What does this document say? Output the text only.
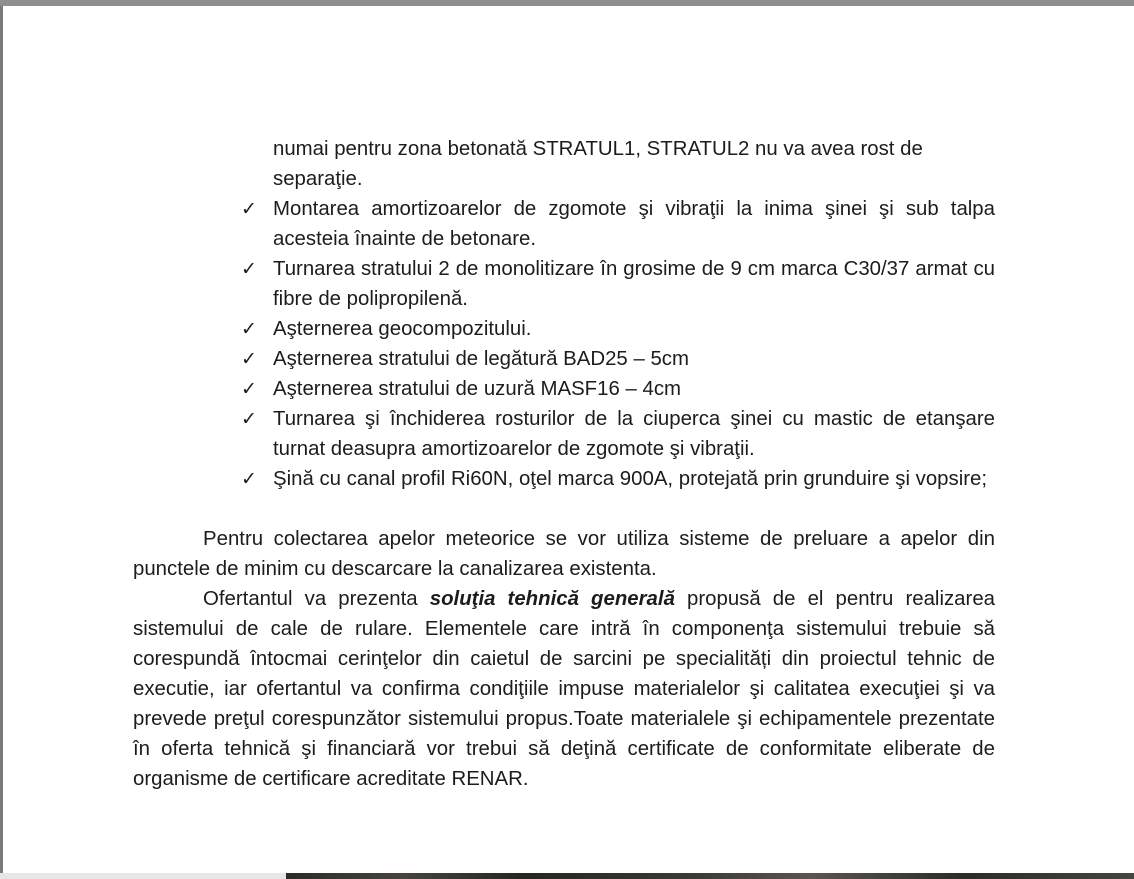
numai pentru zona betonată STRATUL1, STRATUL2 nu va avea rost de separaţie.

✓ Montarea amortizoarelor de zgomote şi vibraţii la inima şinei şi sub talpa acesteia înainte de betonare.
✓ Turnarea stratului 2 de monolitizare în grosime de 9 cm marca C30/37 armat cu fibre de polipropilenă.
✓ Aşternerea geocompozitului.
✓ Aşternerea stratului de legătură BAD25 – 5cm
✓ Aşternerea stratului de uzură MASF16 – 4cm
✓ Turnarea şi închiderea rosturilor de la ciuperca şinei cu mastic de etanşare turnat deasupra amortizoarelor de zgomote şi vibraţii.
✓ Şină cu canal profil Ri60N, oţel marca 900A, protejată prin grunduire şi vopsire;

Pentru colectarea apelor meteorice se vor utiliza sisteme de preluare a apelor din punctele de minim cu descarcare la canalizarea existenta.

Ofertantul va prezenta soluţia tehnică generală propusă de el pentru realizarea sistemului de cale de rulare. Elementele care intră în componenţa sistemului trebuie să corespundă întocmai cerinţelor din caietul de sarcini pe specialități din proiectul tehnic de executie, iar ofertantul va confirma condiţiile impuse materialelor şi calitatea execuţiei şi va prevede preţul corespunzător sistemului propus.Toate materialele şi echipamentele prezentate în oferta tehnică şi financiară vor trebui să deţină certificate de conformitate eliberate de organisme de certificare acreditate RENAR.
